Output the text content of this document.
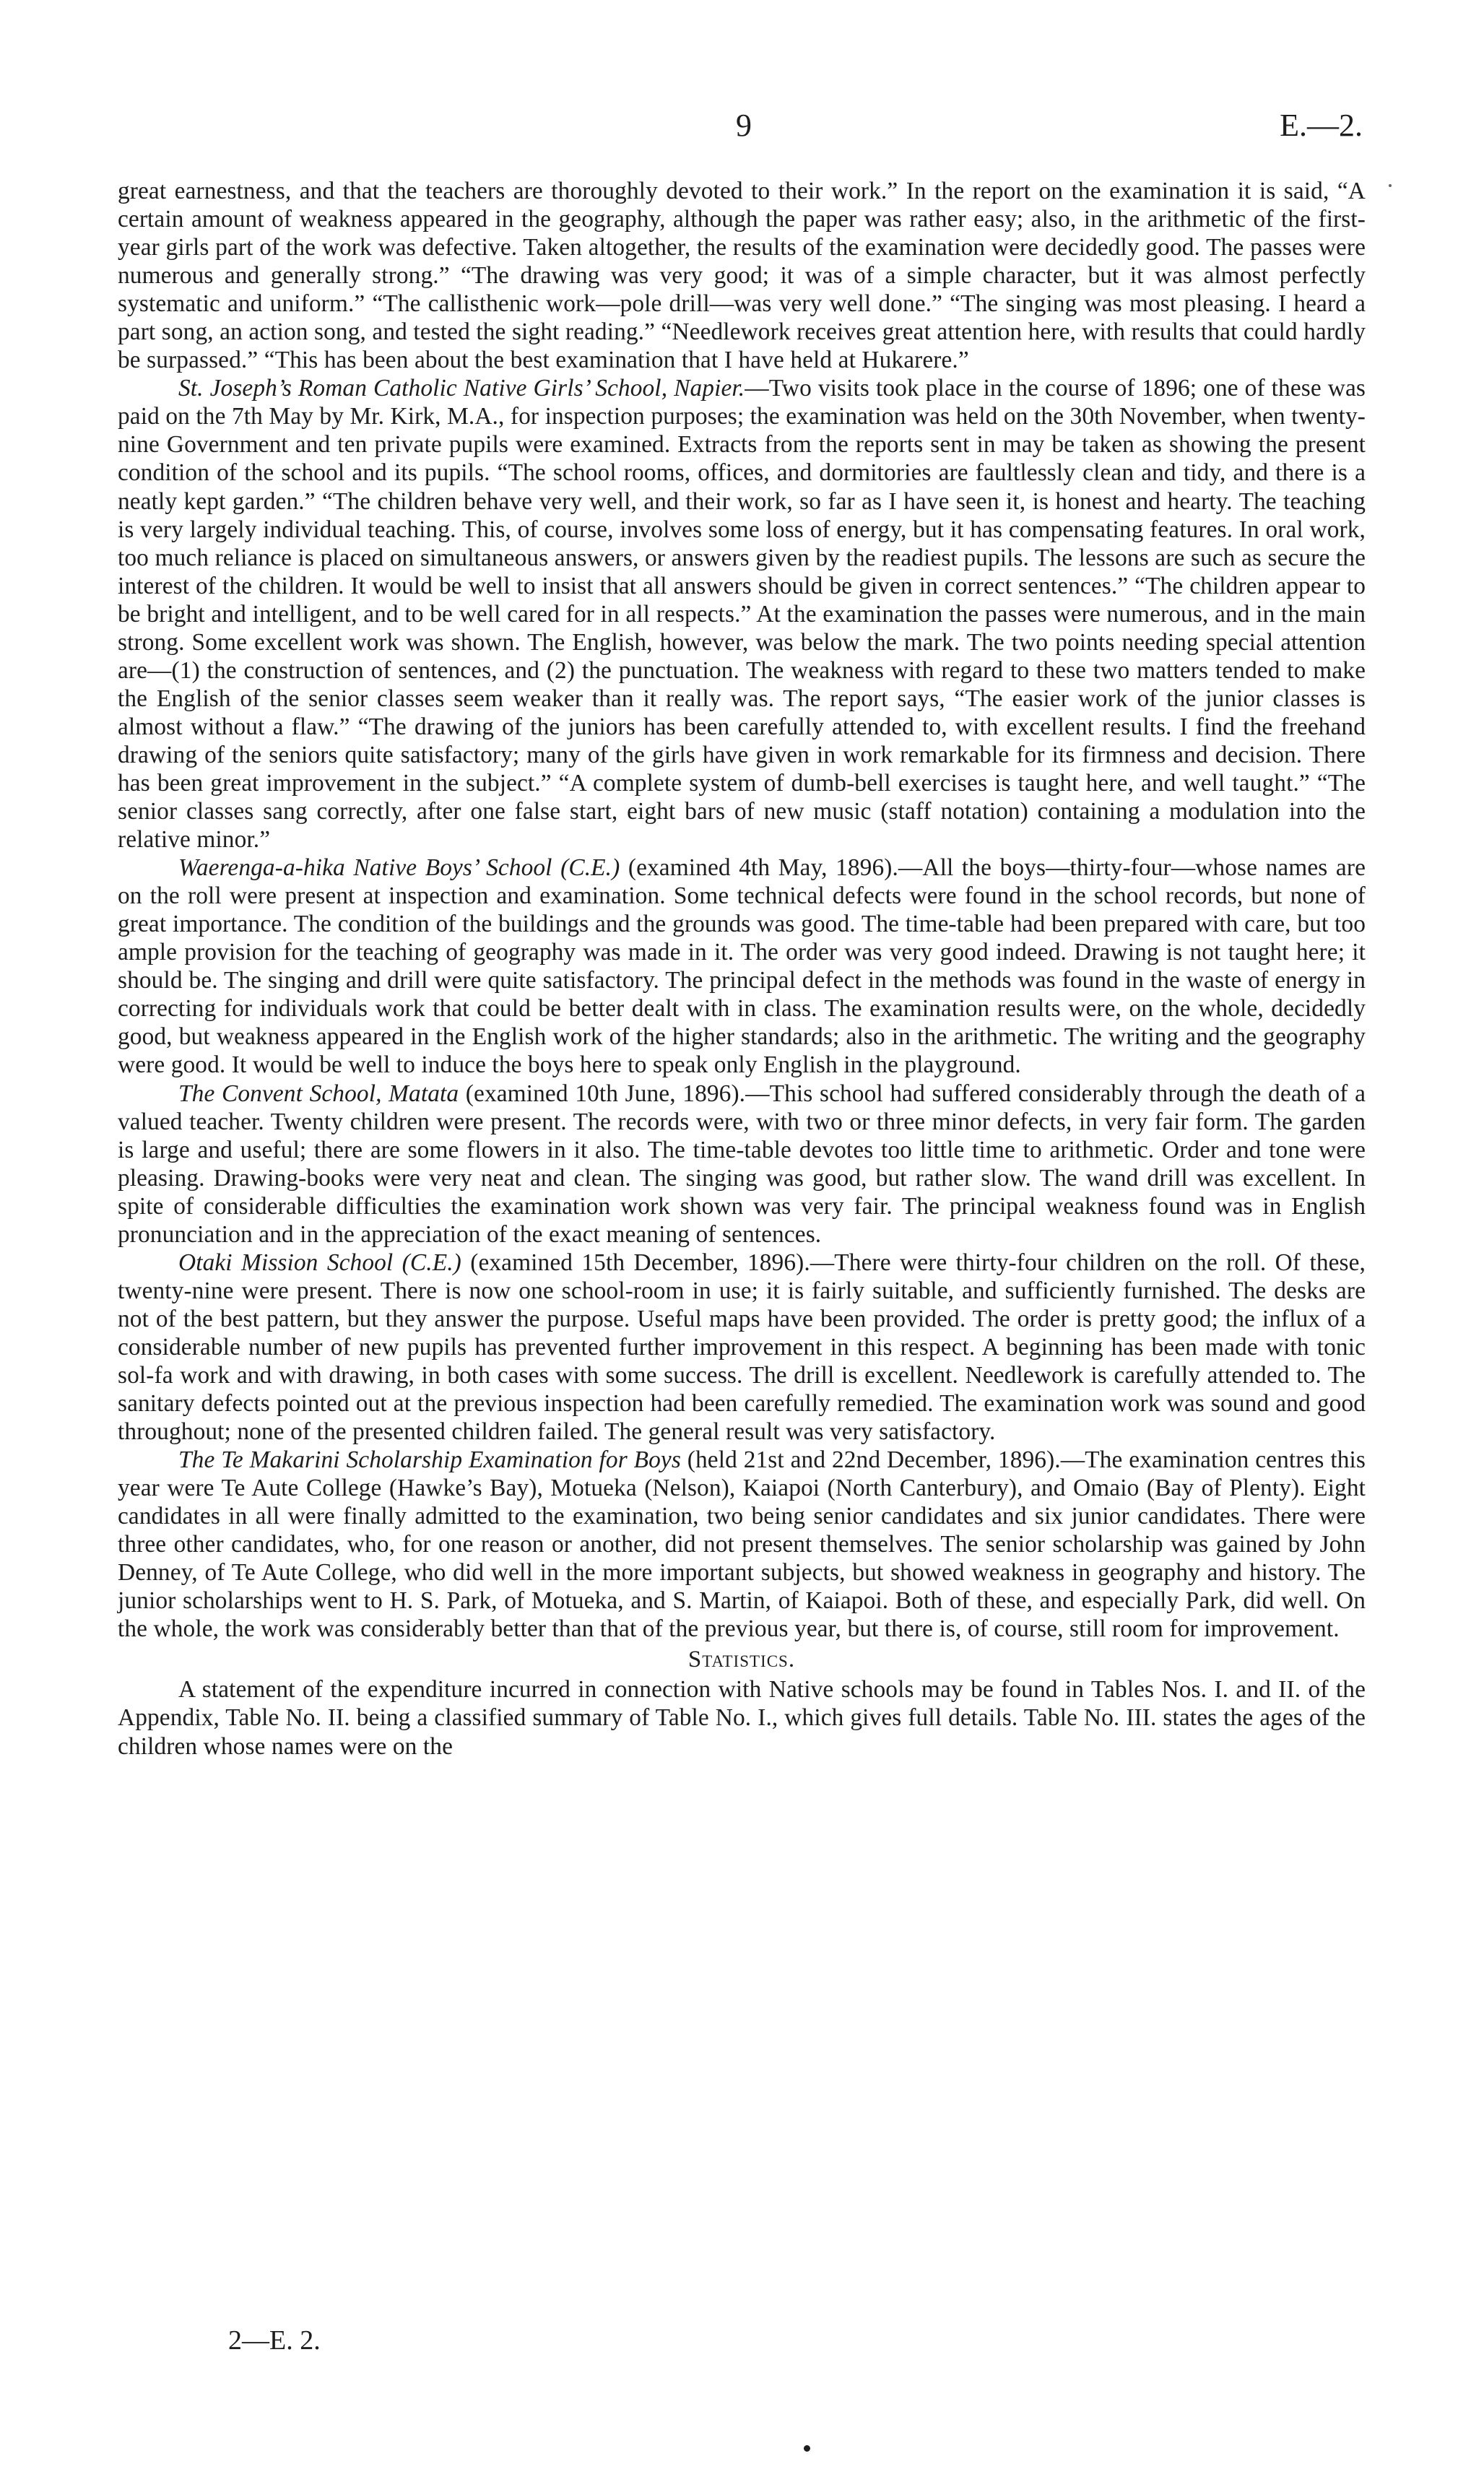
9	E.—2.

great earnestness, and that the teachers are thoroughly devoted to their work.” In the report on the examination it is said, “A certain amount of weakness appeared in the geography, although the paper was rather easy; also, in the arithmetic of the first-year girls part of the work was defective. Taken altogether, the results of the examination were decidedly good. The passes were numerous and generally strong.” “The drawing was very good; it was of a simple character, but it was almost perfectly systematic and uniform.” “The callisthenic work—pole drill—was very well done.” “The singing was most pleasing. I heard a part song, an action song, and tested the sight reading.” “Needlework receives great attention here, with results that could hardly be surpassed.” “This has been about the best examination that I have held at Hukarere.”

St. Joseph’s Roman Catholic Native Girls’ School, Napier.—Two visits took place in the course of 1896; one of these was paid on the 7th May by Mr. Kirk, M.A., for inspection purposes; the examination was held on the 30th November, when twenty-nine Government and ten private pupils were examined. Extracts from the reports sent in may be taken as showing the present condition of the school and its pupils. “The school rooms, offices, and dormitories are faultlessly clean and tidy, and there is a neatly kept garden.” “The children behave very well, and their work, so far as I have seen it, is honest and hearty. The teaching is very largely individual teaching. This, of course, involves some loss of energy, but it has compensating features. In oral work, too much reliance is placed on simultaneous answers, or answers given by the readiest pupils. The lessons are such as secure the interest of the children. It would be well to insist that all answers should be given in correct sentences.” “The children appear to be bright and intelligent, and to be well cared for in all respects.” At the examination the passes were numerous, and in the main strong. Some excellent work was shown. The English, however, was below the mark. The two points needing special attention are—(1) the construction of sentences, and (2) the punctuation. The weakness with regard to these two matters tended to make the English of the senior classes seem weaker than it really was. The report says, “The easier work of the junior classes is almost without a flaw.” “The drawing of the juniors has been carefully attended to, with excellent results. I find the freehand drawing of the seniors quite satisfactory; many of the girls have given in work remarkable for its firmness and decision. There has been great improvement in the subject.” “A complete system of dumb-bell exercises is taught here, and well taught.” “The senior classes sang correctly, after one false start, eight bars of new music (staff notation) containing a modulation into the relative minor.”

Waerenga-a-hika Native Boys’ School (C.E.) (examined 4th May, 1896).—All the boys—thirty-four—whose names are on the roll were present at inspection and examination. Some technical defects were found in the school records, but none of great importance. The condition of the buildings and the grounds was good. The time-table had been prepared with care, but too ample provision for the teaching of geography was made in it. The order was very good indeed. Drawing is not taught here; it should be. The singing and drill were quite satisfactory. The principal defect in the methods was found in the waste of energy in correcting for individuals work that could be better dealt with in class. The examination results were, on the whole, decidedly good, but weakness appeared in the English work of the higher standards; also in the arithmetic. The writing and the geography were good. It would be well to induce the boys here to speak only English in the playground.

The Convent School, Matata (examined 10th June, 1896).—This school had suffered considerably through the death of a valued teacher. Twenty children were present. The records were, with two or three minor defects, in very fair form. The garden is large and useful; there are some flowers in it also. The time-table devotes too little time to arithmetic. Order and tone were pleasing. Drawing-books were very neat and clean. The singing was good, but rather slow. The wand drill was excellent. In spite of considerable difficulties the examination work shown was very fair. The principal weakness found was in English pronunciation and in the appreciation of the exact meaning of sentences.

Otaki Mission School (C.E.) (examined 15th December, 1896).—There were thirty-four children on the roll. Of these, twenty-nine were present. There is now one school-room in use; it is fairly suitable, and sufficiently furnished. The desks are not of the best pattern, but they answer the purpose. Useful maps have been provided. The order is pretty good; the influx of a considerable number of new pupils has prevented further improvement in this respect. A beginning has been made with tonic sol-fa work and with drawing, in both cases with some success. The drill is excellent. Needlework is carefully attended to. The sanitary defects pointed out at the previous inspection had been carefully remedied. The examination work was sound and good throughout; none of the presented children failed. The general result was very satisfactory.

The Te Makarini Scholarship Examination for Boys (held 21st and 22nd December, 1896).—The examination centres this year were Te Aute College (Hawke’s Bay), Motueka (Nelson), Kaiapoi (North Canterbury), and Omaio (Bay of Plenty). Eight candidates in all were finally admitted to the examination, two being senior candidates and six junior candidates. There were three other candidates, who, for one reason or another, did not present themselves. The senior scholarship was gained by John Denney, of Te Aute College, who did well in the more important subjects, but showed weakness in geography and history. The junior scholarships went to H. S. Park, of Motueka, and S. Martin, of Kaiapoi. Both of these, and especially Park, did well. On the whole, the work was considerably better than that of the previous year, but there is, of course, still room for improvement.

Statistics.

A statement of the expenditure incurred in connection with Native schools may be found in Tables Nos. I. and II. of the Appendix, Table No. II. being a classified summary of Table No. I., which gives full details. Table No. III. states the ages of the children whose names were on the

2—E. 2.
